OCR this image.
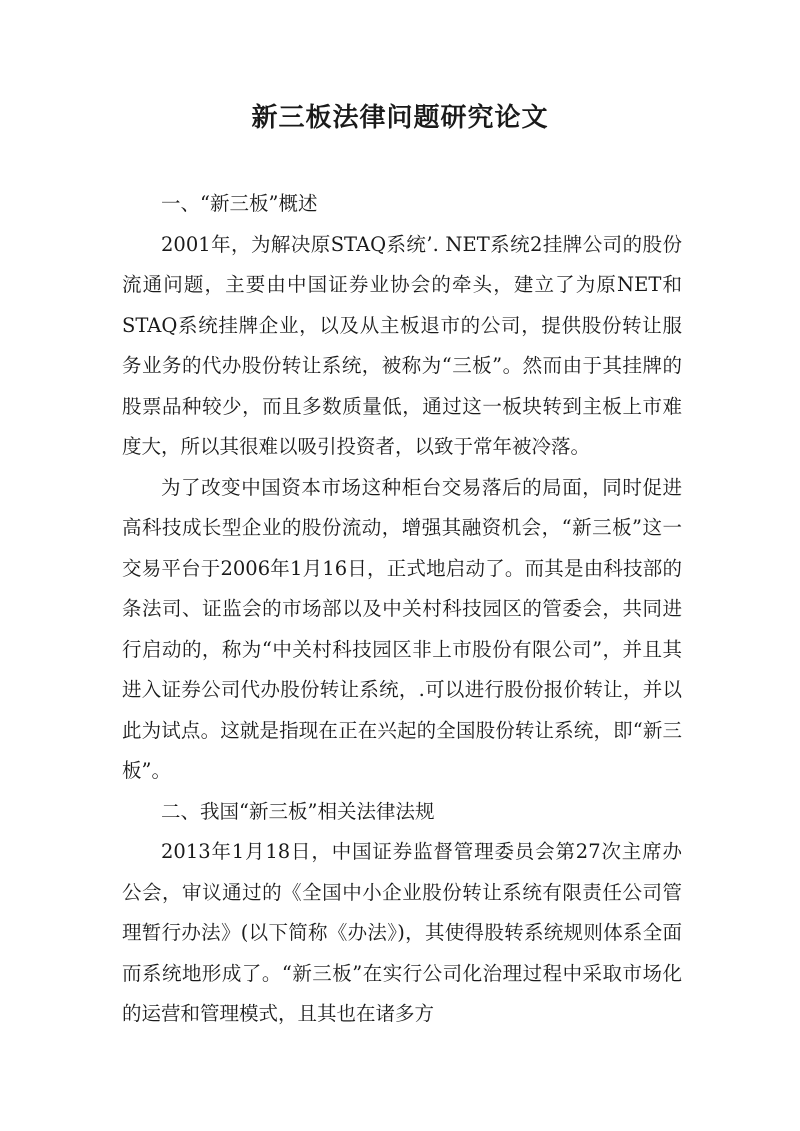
新三板法律问题研究论文

一、“新三板”概述

2001年，为解决原STAQ系统’. NET系统2挂牌公司的股份流通问题，主要由中国证券业协会的牵头，建立了为原NET和STAQ系统挂牌企业，以及从主板退市的公司，提供股份转让服务业务的代办股份转让系统，被称为“三板”。然而由于其挂牌的股票品种较少，而且多数质量低，通过这一板块转到主板上市难度大，所以其很难以吸引投资者，以致于常年被冷落。

为了改变中国资本市场这种柜台交易落后的局面，同时促进高科技成长型企业的股份流动，增强其融资机会，“新三板”这一交易平台于2006年1月16日，正式地启动了。而其是由科技部的条法司、证监会的市场部以及中关村科技园区的管委会，共同进行启动的，称为“中关村科技园区非上市股份有限公司”，并且其进入证券公司代办股份转让系统，.可以进行股份报价转让，并以此为试点。这就是指现在正在兴起的全国股份转让系统，即“新三板”。

二、我国“新三板”相关法律法规

2013年1月18日，中国证券监督管理委员会第27次主席办公会，审议通过的《全国中小企业股份转让系统有限责任公司管理暂行办法》(以下简称《办法》)，其使得股转系统规则体系全面而系统地形成了。“新三板”在实行公司化治理过程中采取市场化的运营和管理模式，且其也在诸多方
